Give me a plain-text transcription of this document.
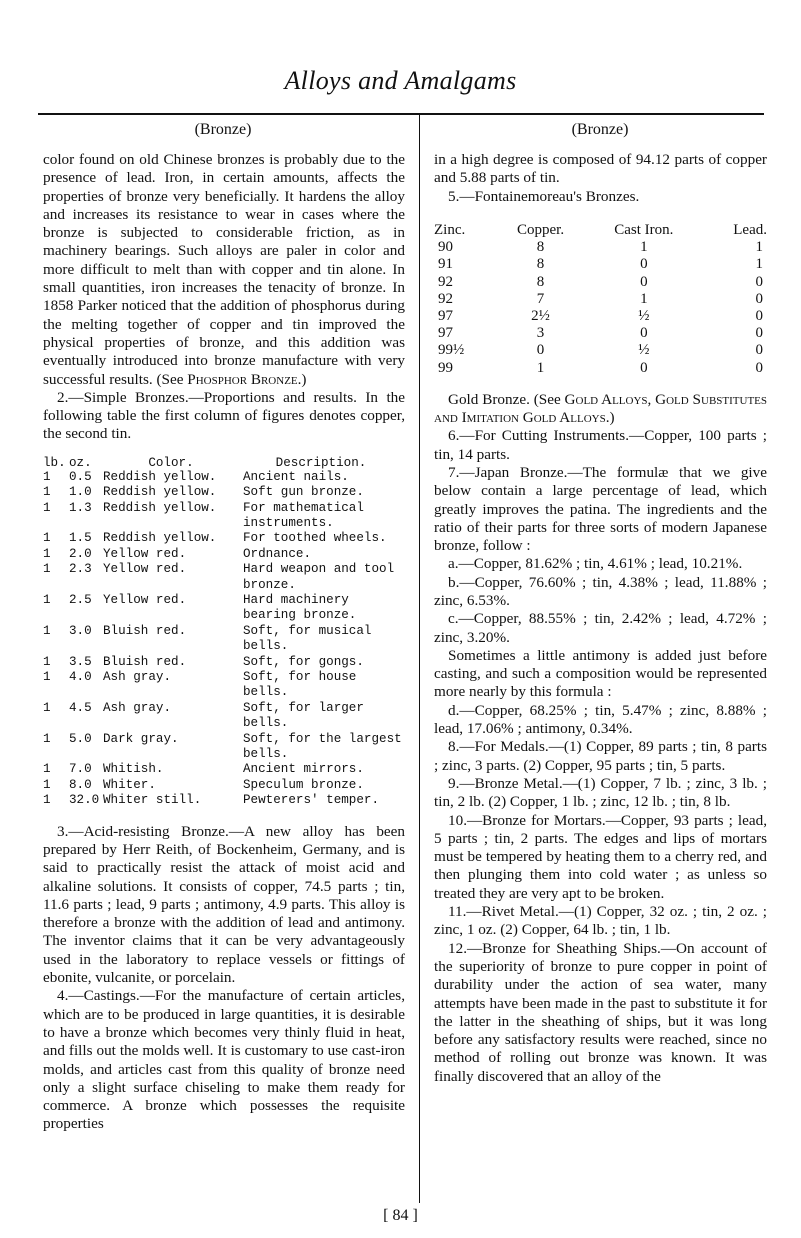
Alloys and Amalgams
(Bronze)	(Bronze)

color found on old Chinese bronzes is probably due to the presence of lead. Iron, in certain amounts, affects the properties of bronze very beneficially. It hardens the alloy and increases its resistance to wear in cases where the bronze is subjected to considerable friction, as in machinery bearings. Such alloys are paler in color and more difficult to melt than with copper and tin alone. In small quantities, iron increases the tenacity of bronze. In 1858 Parker noticed that the addition of phosphorus during the melting together of copper and tin improved the physical properties of bronze, and this addition was eventually introduced into bronze manufacture with very successful results. (See Phosphor Bronze.)

2.—Simple Bronzes.—Proportions and results. In the following table the first column of figures denotes copper, the second tin.

lb.	oz.	Color.	Description.
1	0.5	Reddish yellow.	Ancient nails.
1	1.0	Reddish yellow.	Soft gun bronze.
1	1.3	Reddish yellow.	For mathematical instruments.
1	1.5	Reddish yellow.	For toothed wheels.
1	2.0	Yellow red.	Ordnance.
1	2.3	Yellow red.	Hard weapon and tool bronze.
1	2.5	Yellow red.	Hard machinery bearing bronze.
1	3.0	Bluish red.	Soft, for musical bells.
1	3.5	Bluish red.	Soft, for gongs.
1	4.0	Ash gray.	Soft, for house bells.
1	4.5	Ash gray.	Soft, for larger bells.
1	5.0	Dark gray.	Soft, for the largest bells.
1	7.0	Whitish.	Ancient mirrors.
1	8.0	Whiter.	Speculum bronze.
1	32.0	Whiter still.	Pewterers' temper.

3.—Acid-resisting Bronze.—A new alloy has been prepared by Herr Reith, of Bockenheim, Germany, and is said to practically resist the attack of moist acid and alkaline solutions. It consists of copper, 74.5 parts ; tin, 11.6 parts ; lead, 9 parts ; antimony, 4.9 parts. This alloy is therefore a bronze with the addition of lead and antimony. The inventor claims that it can be very advantageously used in the laboratory to replace vessels or fittings of ebonite, vulcanite, or porcelain.

4.—Castings.—For the manufacture of certain articles, which are to be produced in large quantities, it is desirable to have a bronze which becomes very thinly fluid in heat, and fills out the molds well. It is customary to use cast-iron molds, and articles cast from this quality of bronze need only a slight surface chiseling to make them ready for commerce. A bronze which possesses the requisite properties

in a high degree is composed of 94.12 parts of copper and 5.88 parts of tin.

5.—Fontainemoreau's Bronzes.

Zinc.	Copper.	Cast Iron.	Lead.
90	8	1	1
91	8	0	1
92	8	0	0
92	7	1	0
97	2½	½	0
97	3	0	0
99½	0	½	0
99	1	0	0

Gold Bronze. (See Gold Alloys, Gold Substitutes and Imitation Gold Alloys.)

6.—For Cutting Instruments.—Copper, 100 parts ; tin, 14 parts.

7.—Japan Bronze.—The formulæ that we give below contain a large percentage of lead, which greatly improves the patina. The ingredients and the ratio of their parts for three sorts of modern Japanese bronze, follow :

a.—Copper, 81.62% ; tin, 4.61% ; lead, 10.21%.

b.—Copper, 76.60% ; tin, 4.38% ; lead, 11.88% ; zinc, 6.53%.

c.—Copper, 88.55% ; tin, 2.42% ; lead, 4.72% ; zinc, 3.20%.

Sometimes a little antimony is added just before casting, and such a composition would be represented more nearly by this formula :

d.—Copper, 68.25% ; tin, 5.47% ; zinc, 8.88% ; lead, 17.06% ; antimony, 0.34%.

8.—For Medals.—(1) Copper, 89 parts ; tin, 8 parts ; zinc, 3 parts. (2) Copper, 95 parts ; tin, 5 parts.

9.—Bronze Metal.—(1) Copper, 7 lb. ; zinc, 3 lb. ; tin, 2 lb. (2) Copper, 1 lb. ; zinc, 12 lb. ; tin, 8 lb.

10.—Bronze for Mortars.—Copper, 93 parts ; lead, 5 parts ; tin, 2 parts. The edges and lips of mortars must be tempered by heating them to a cherry red, and then plunging them into cold water ; as unless so treated they are very apt to be broken.

11.—Rivet Metal.—(1) Copper, 32 oz. ; tin, 2 oz. ; zinc, 1 oz. (2) Copper, 64 lb. ; tin, 1 lb.

12.—Bronze for Sheathing Ships.—On account of the superiority of bronze to pure copper in point of durability under the action of sea water, many attempts have been made in the past to substitute it for the latter in the sheathing of ships, but it was long before any satisfactory results were reached, since no method of rolling out bronze was known. It was finally discovered that an alloy of the

[ 84 ]
